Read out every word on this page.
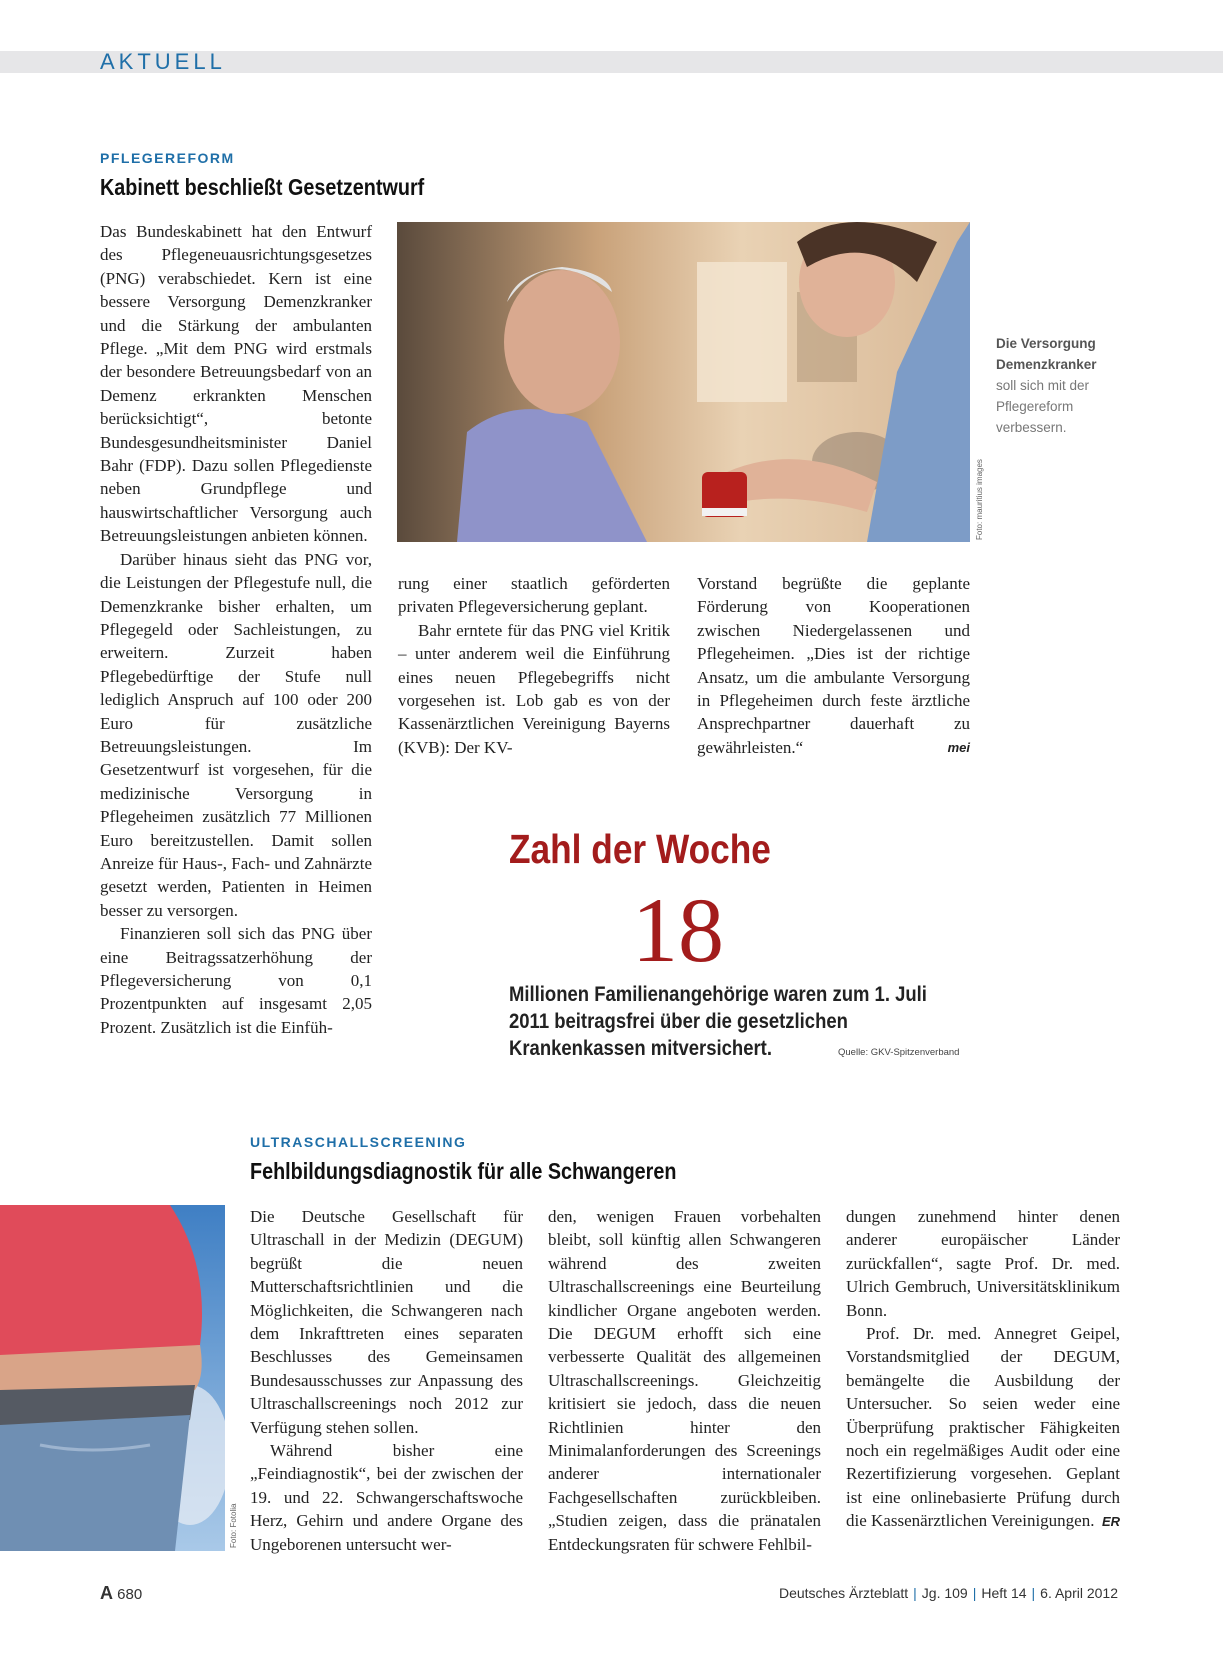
AKTUELL
PFLEGEREFORM
Kabinett beschließt Gesetzentwurf

Das Bundeskabinett hat den Entwurf des Pflegeneuausrichtungsgesetzes (PNG) verabschiedet. Kern ist eine bessere Versorgung Demenzkranker und die Stärkung der ambulanten Pflege. „Mit dem PNG wird erstmals der besondere Betreuungsbedarf von an Demenz erkrankten Menschen berücksichtigt“, betonte Bundesgesundheitsminister Daniel Bahr (FDP). Dazu sollen Pflegedienste neben Grundpflege und hauswirtschaftlicher Versorgung auch Betreuungsleistungen anbieten können.

Darüber hinaus sieht das PNG vor, die Leistungen der Pflegestufe null, die Demenzkranke bisher erhalten, um Pflegegeld oder Sachleistungen, zu erweitern. Zurzeit haben Pflegebedürftige der Stufe null lediglich Anspruch auf 100 oder 200 Euro für zusätzliche Betreuungsleistungen. Im Gesetzentwurf ist vorgesehen, für die medizinische Versorgung in Pflegeheimen zusätzlich 77 Millionen Euro bereitzustellen. Damit sollen Anreize für Haus-, Fach- und Zahnärzte gesetzt werden, Patienten in Heimen besser zu versorgen.

Finanzieren soll sich das PNG über eine Beitragssatzerhöhung der Pflegeversicherung von 0,1 Prozentpunkten auf insgesamt 2,05 Prozent. Zusätzlich ist die Einfüh-

Foto: mauritius images
Die Versorgung Demenzkranker soll sich mit der Pflegereform verbessern.

rung einer staatlich geförderten privaten Pflegeversicherung geplant.

Bahr erntete für das PNG viel Kritik – unter anderem weil die Einführung eines neuen Pflegebegriffs nicht vorgesehen ist. Lob gab es von der Kassenärztlichen Vereinigung Bayerns (KVB): Der KV-

Vorstand begrüßte die geplante Förderung von Kooperationen zwischen Niedergelassenen und Pflegeheimen. „Dies ist der richtige Ansatz, um die ambulante Versorgung in Pflegeheimen durch feste ärztliche Ansprechpartner dauerhaft zu gewährleisten.“	mei
Zahl der Woche
18
Millionen Familienangehörige waren zum 1. Juli 2011 beitragsfrei über die gesetzlichen Krankenkassen mitversichert.	Quelle: GKV-Spitzenverband
ULTRASCHALLSCREENING
Fehlbildungsdiagnostik für alle Schwangeren
Foto: Fotolia

Die Deutsche Gesellschaft für Ultraschall in der Medizin (DEGUM) begrüßt die neuen Mutterschaftsrichtlinien und die Möglichkeiten, die Schwangeren nach dem Inkrafttreten eines separaten Beschlusses des Gemeinsamen Bundesausschusses zur Anpassung des Ultraschallscreenings noch 2012 zur Verfügung stehen sollen.

Während bisher eine „Feindiagnostik“, bei der zwischen der 19. und 22. Schwangerschaftswoche Herz, Gehirn und andere Organe des Ungeborenen untersucht wer-

den, wenigen Frauen vorbehalten bleibt, soll künftig allen Schwangeren während des zweiten Ultraschallscreenings eine Beurteilung kindlicher Organe angeboten werden. Die DEGUM erhofft sich eine verbesserte Qualität des allgemeinen Ultraschallscreenings. Gleichzeitig kritisiert sie jedoch, dass die neuen Richtlinien hinter den Minimalanforderungen des Screenings anderer internationaler Fachgesellschaften zurückbleiben. „Studien zeigen, dass die pränatalen Entdeckungsraten für schwere Fehlbil-

dungen zunehmend hinter denen anderer europäischer Länder zurückfallen“, sagte Prof. Dr. med. Ulrich Gembruch, Universitätsklinikum Bonn.

Prof. Dr. med. Annegret Geipel, Vorstandsmitglied der DEGUM, bemängelte die Ausbildung der Untersucher. So seien weder eine Überprüfung praktischer Fähigkeiten noch ein regelmäßiges Audit oder eine Rezertifizierung vorgesehen. Geplant ist eine onlinebasierte Prüfung durch die Kassenärztlichen Vereinigungen. ER
A 680	Deutsches Ärzteblatt | Jg. 109 | Heft 14 | 6. April 2012
